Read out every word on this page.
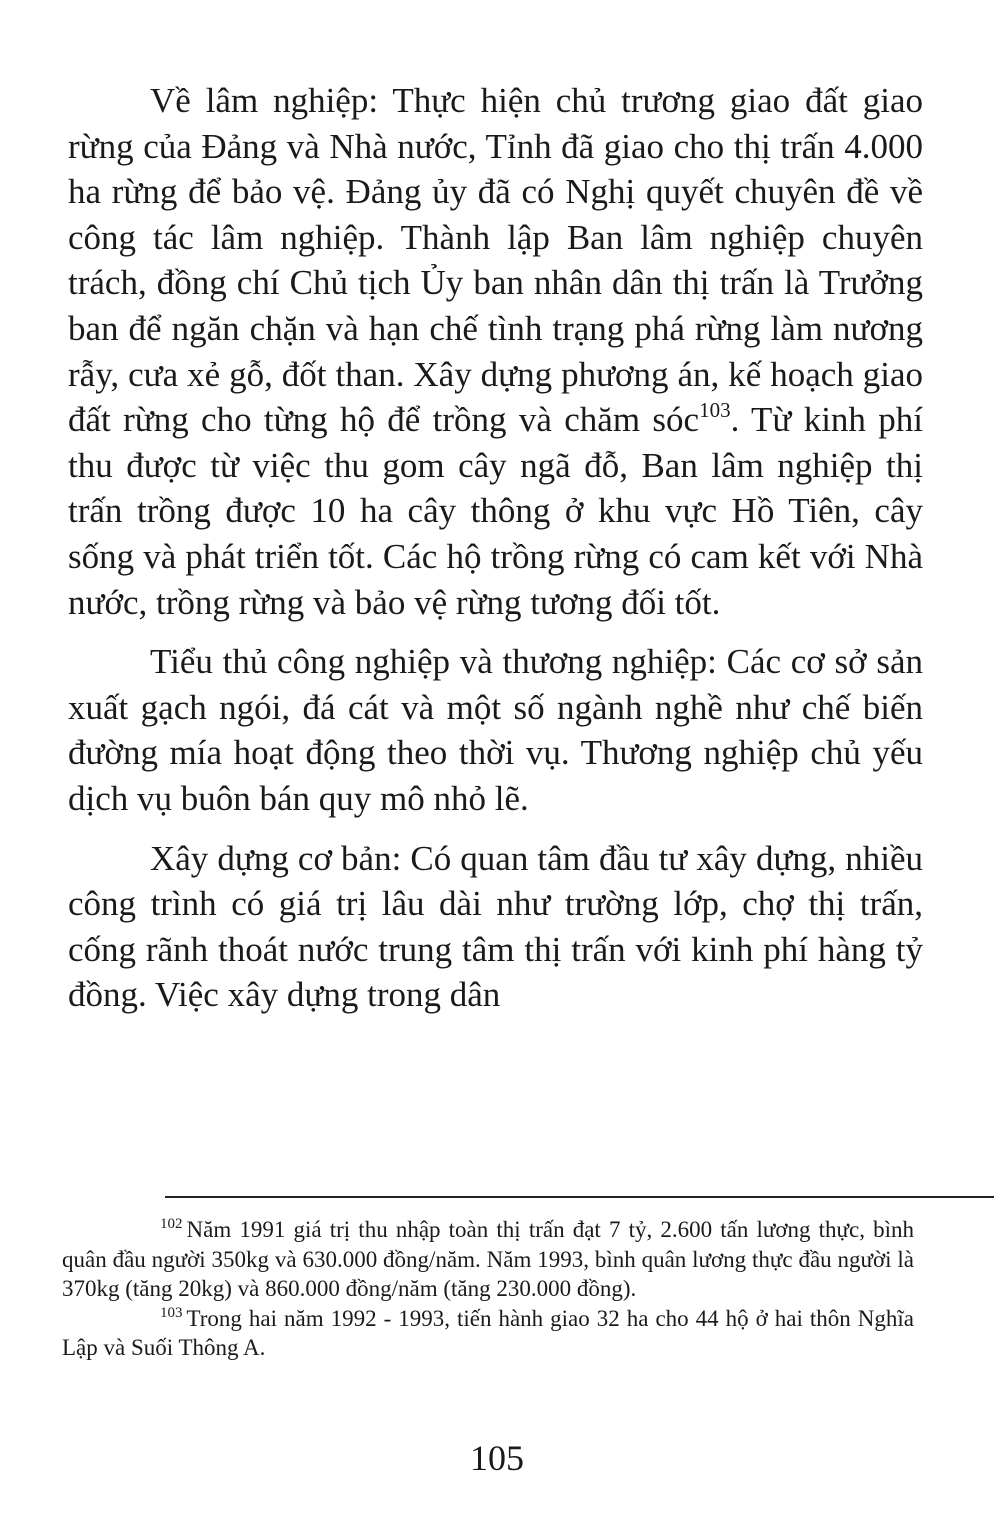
Về lâm nghiệp: Thực hiện chủ trương giao đất giao rừng của Đảng và Nhà nước, Tỉnh đã giao cho thị trấn 4.000 ha rừng để bảo vệ. Đảng ủy đã có Nghị quyết chuyên đề về công tác lâm nghiệp. Thành lập Ban lâm nghiệp chuyên trách, đồng chí Chủ tịch Ủy ban nhân dân thị trấn là Trưởng ban để ngăn chặn và hạn chế tình trạng phá rừng làm nương rẫy, cưa xẻ gỗ, đốt than. Xây dựng phương án, kế hoạch giao đất rừng cho từng hộ để trồng và chăm sóc$^{103}$. Từ kinh phí thu được từ việc thu gom cây ngã đỗ, Ban lâm nghiệp thị trấn trồng được 10 ha cây thông ở khu vực Hồ Tiên, cây sống và phát triển tốt. Các hộ trồng rừng có cam kết với Nhà nước, trồng rừng và bảo vệ rừng tương đối tốt.

Tiểu thủ công nghiệp và thương nghiệp: Các cơ sở sản xuất gạch ngói, đá cát và một số ngành nghề như chế biến đường mía hoạt động theo thời vụ. Thương nghiệp chủ yếu dịch vụ buôn bán quy mô nhỏ lẽ.

Xây dựng cơ bản: Có quan tâm đầu tư xây dựng, nhiều công trình có giá trị lâu dài như trường lớp, chợ thị trấn, cống rãnh thoát nước trung tâm thị trấn với kinh phí hàng tỷ đồng. Việc xây dựng trong dân

$^{102}$ Năm 1991 giá trị thu nhập toàn thị trấn đạt 7 tỷ, 2.600 tấn lương thực, bình quân đầu người 350kg và 630.000 đồng/năm. Năm 1993, bình quân lương thực đầu người là 370kg (tăng 20kg) và 860.000 đồng/năm (tăng 230.000 đồng).

$^{103}$ Trong hai năm 1992 - 1993, tiến hành giao 32 ha cho 44 hộ ở hai thôn Nghĩa Lập và Suối Thông A.

105
